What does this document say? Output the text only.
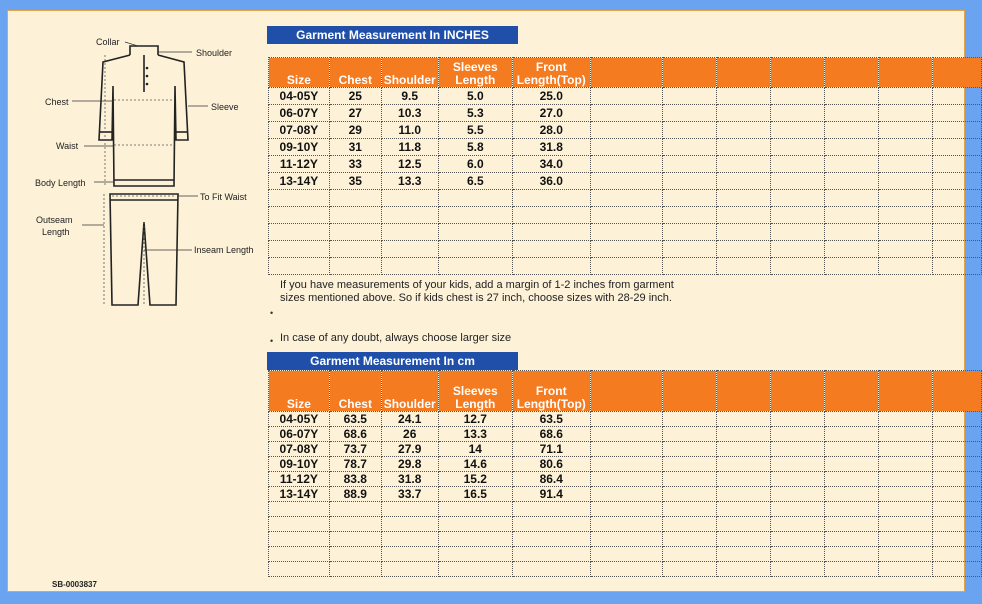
Collar
Shoulder
Chest	Sleeve
Waist
Body Length
To Fit Waist
Outseam
Length
Inseam Length
Garment Measurement In INCHES
Size	Chest	Shoulder	Sleeves Length	Front Length(Top)							
04-05Y	25	9.5	5.0	25.0							
06-07Y	27	10.3	5.3	27.0							
07-08Y	29	11.0	5.5	28.0							
09-10Y	31	11.8	5.8	31.8							
11-12Y	33	12.5	6.0	34.0							
13-14Y	35	13.3	6.5	36.0							

If you have measurements of your kids, add a margin of 1-2 inches from garment sizes mentioned above. So if kids chest is 27 inch, choose sizes with 28-29 inch.
•
In case of any doubt, always choose larger size
•
Garment Measurement In cm
Size	Chest	Shoulder	Sleeves Length	Front Length(Top)							
04-05Y	63.5	24.1	12.7	63.5							
06-07Y	68.6	26	13.3	68.6							
07-08Y	73.7	27.9	14	71.1							
09-10Y	78.7	29.8	14.6	80.6							
11-12Y	83.8	31.8	15.2	86.4							
13-14Y	88.9	33.7	16.5	91.4							

SB-0003837
